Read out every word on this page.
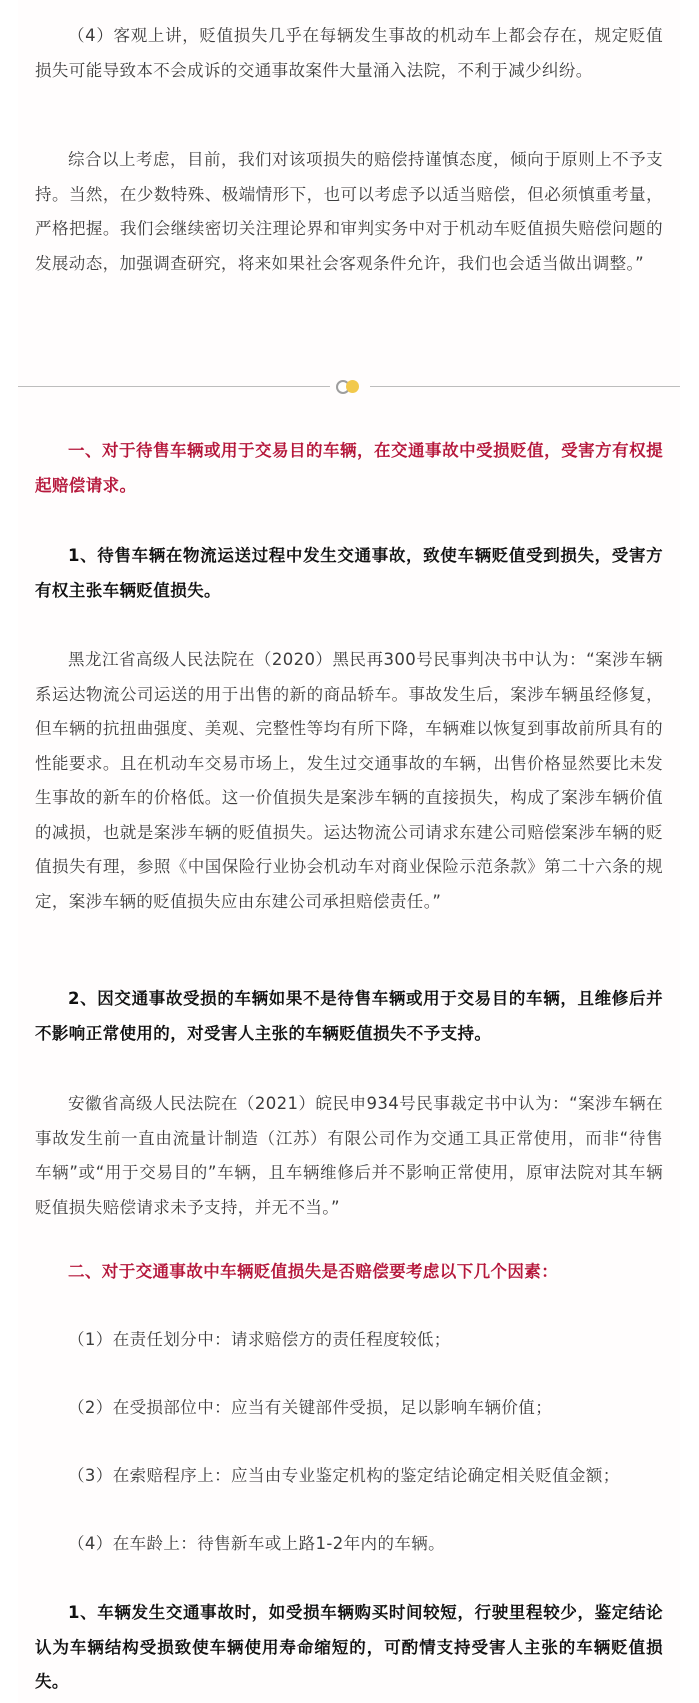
（4）客观上讲，贬值损失几乎在每辆发生事故的机动车上都会存在，规定贬值损失可能导致本不会成诉的交通事故案件大量涌入法院，不利于减少纠纷。

综合以上考虑，目前，我们对该项损失的赔偿持谨慎态度，倾向于原则上不予支持。当然，在少数特殊、极端情形下，也可以考虑予以适当赔偿，但必须慎重考量，严格把握。我们会继续密切关注理论界和审判实务中对于机动车贬值损失赔偿问题的发展动态，加强调查研究，将来如果社会客观条件允许，我们也会适当做出调整。”

一、对于待售车辆或用于交易目的车辆，在交通事故中受损贬值，受害方有权提起赔偿请求。

1、待售车辆在物流运送过程中发生交通事故，致使车辆贬值受到损失，受害方有权主张车辆贬值损失。

黑龙江省高级人民法院在（2020）黑民再300号民事判决书中认为：“案涉车辆系运达物流公司运送的用于出售的新的商品轿车。事故发生后，案涉车辆虽经修复，但车辆的抗扭曲强度、美观、完整性等均有所下降，车辆难以恢复到事故前所具有的性能要求。且在机动车交易市场上，发生过交通事故的车辆，出售价格显然要比未发生事故的新车的价格低。这一价值损失是案涉车辆的直接损失，构成了案涉车辆价值的减损，也就是案涉车辆的贬值损失。运达物流公司请求东建公司赔偿案涉车辆的贬值损失有理，参照《中国保险行业协会机动车对商业保险示范条款》第二十六条的规定，案涉车辆的贬值损失应由东建公司承担赔偿责任。”

2、因交通事故受损的车辆如果不是待售车辆或用于交易目的车辆，且维修后并不影响正常使用的，对受害人主张的车辆贬值损失不予支持。

安徽省高级人民法院在（2021）皖民申934号民事裁定书中认为：“案涉车辆在事故发生前一直由流量计制造（江苏）有限公司作为交通工具正常使用，而非“待售车辆”或“用于交易目的”车辆，且车辆维修后并不影响正常使用，原审法院对其车辆贬值损失赔偿请求未予支持，并无不当。”

二、对于交通事故中车辆贬值损失是否赔偿要考虑以下几个因素：

（1）在责任划分中：请求赔偿方的责任程度较低；

（2）在受损部位中：应当有关键部件受损，足以影响车辆价值；

（3）在索赔程序上：应当由专业鉴定机构的鉴定结论确定相关贬值金额；

（4）在车龄上：待售新车或上路1-2年内的车辆。

1、车辆发生交通事故时，如受损车辆购买时间较短，行驶里程较少，鉴定结论认为车辆结构受损致使车辆使用寿命缩短的，可酌情支持受害人主张的车辆贬值损失。
